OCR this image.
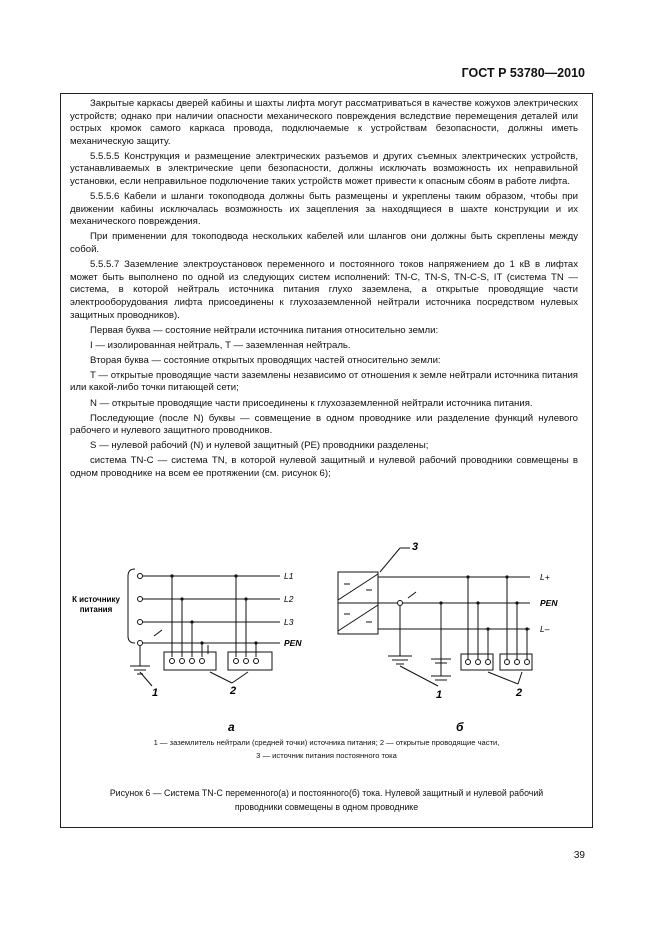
ГОСТ Р 53780—2010

Закрытые каркасы дверей кабины и шахты лифта могут рассматриваться в качестве кожухов электрических устройств; однако при наличии опасности механического повреждения вследствие перемещения деталей или острых кромок самого каркаса провода, подключаемые к устройствам безопасности, должны иметь механическую защиту.

5.5.5.5 Конструкция и размещение электрических разъемов и других съемных электрических устройств, устанавливаемых в электрические цепи безопасности, должны исключать возможность их неправильной установки, если неправильное подключение таких устройств может привести к опасным сбоям в работе лифта.

5.5.5.6 Кабели и шланги токоподвода должны быть размещены и укреплены таким образом, чтобы при движении кабины исключалась возможность их зацепления за находящиеся в шахте конструкции и их механического повреждения.

При применении для токоподвода нескольких кабелей или шлангов они должны быть скреплены между собой.

5.5.5.7 Заземление электроустановок переменного и постоянного токов напряжением до 1 кВ в лифтах может быть выполнено по одной из следующих систем исполнений: TN-C, TN-S, TN-C-S, IT (система TN — система, в которой нейтраль источника питания глухо заземлена, а открытые проводящие части электрооборудования лифта присоединены к глухозаземленной нейтрали источника посредством нулевых защитных проводников).

Первая буква — состояние нейтрали источника питания относительно земли:

I — изолированная нейтраль, T — заземленная нейтраль.

Вторая буква — состояние открытых проводящих частей относительно земли:

T — открытые проводящие части заземлены независимо от отношения к земле нейтрали источника питания или какой-либо точки питающей сети;

N — открытые проводящие части присоединены к глухозаземленной нейтрали источника питания.

Последующие (после N) буквы — совмещение в одном проводнике или разделение функций нулевого рабочего и нулевого защитного проводников.

S — нулевой рабочий (N) и нулевой защитный (PE) проводники разделены;

система TN-C — система TN, в которой нулевой защитный и нулевой рабочий проводники совмещены в одном проводнике на всем ее протяжении (см. рисунок 6);

К источнику
питания
L1
L2
L3
PEN
1	2
а
L+
PEN
L–
3
1	2
б
1 — заземлитель нейтрали (средней точки) источника питания; 2 — открытые проводящие части,
3 — источник питания постоянного тока
Рисунок 6 — Система TN-C переменного(а) и постоянного(б) тока. Нулевой защитный и нулевой рабочий
проводники совмещены в одном проводнике
39
